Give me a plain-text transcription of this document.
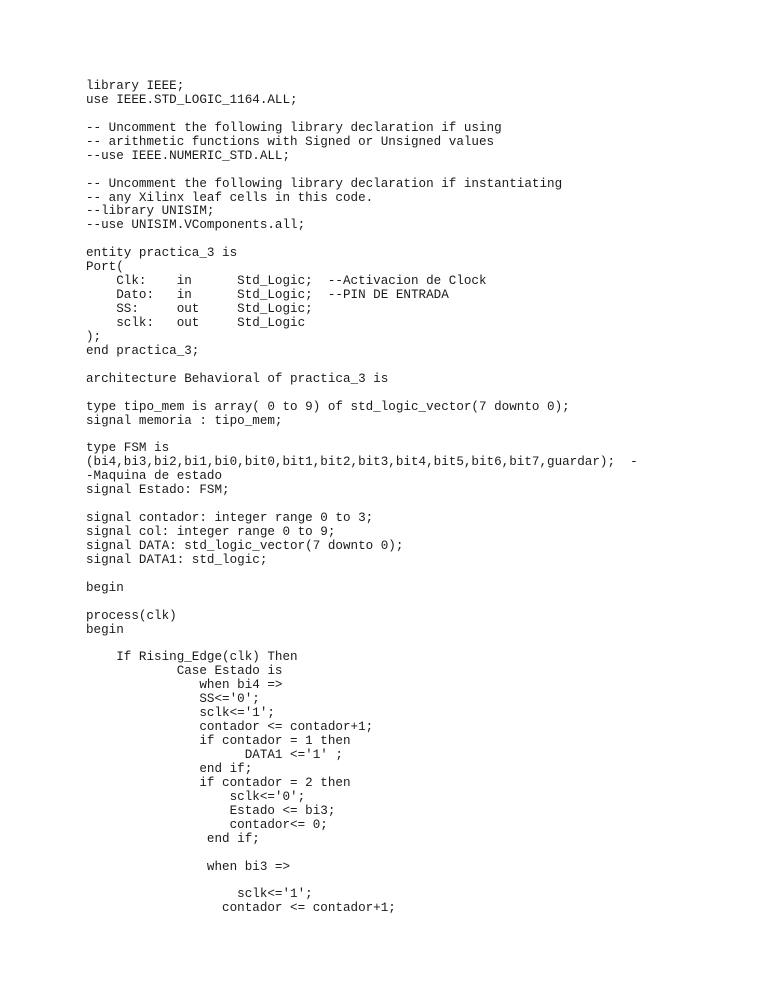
library IEEE;
use IEEE.STD_LOGIC_1164.ALL;
-- Uncomment the following library declaration if using
-- arithmetic functions with Signed or Unsigned values
--use IEEE.NUMERIC_STD.ALL;
-- Uncomment the following library declaration if instantiating
-- any Xilinx leaf cells in this code.
--library UNISIM;
--use UNISIM.VComponents.all;
entity practica_3 is
Port(
Clk:    in      Std_Logic;  --Activacion de Clock
Dato:   in      Std_Logic;  --PIN DE ENTRADA
SS:     out     Std_Logic;
sclk:   out     Std_Logic
);
end practica_3;
architecture Behavioral of practica_3 is
type tipo_mem is array( 0 to 9) of std_logic_vector(7 downto 0);
signal memoria : tipo_mem;
type FSM is
(bi4,bi3,bi2,bi1,bi0,bit0,bit1,bit2,bit3,bit4,bit5,bit6,bit7,guardar);  -
-Maquina de estado
signal Estado: FSM;
signal contador: integer range 0 to 3;
signal col: integer range 0 to 9;
signal DATA: std_logic_vector(7 downto 0);
signal DATA1: std_logic;
begin
process(clk)
begin
If Rising_Edge(clk) Then
Case Estado is
when bi4 =>
SS<='0';
sclk<='1';
contador <= contador+1;
if contador = 1 then
DATA1 <='1' ;
end if;
if contador = 2 then
sclk<='0';
Estado <= bi3;
contador<= 0;
end if;
when bi3 =>
sclk<='1';
contador <= contador+1;
